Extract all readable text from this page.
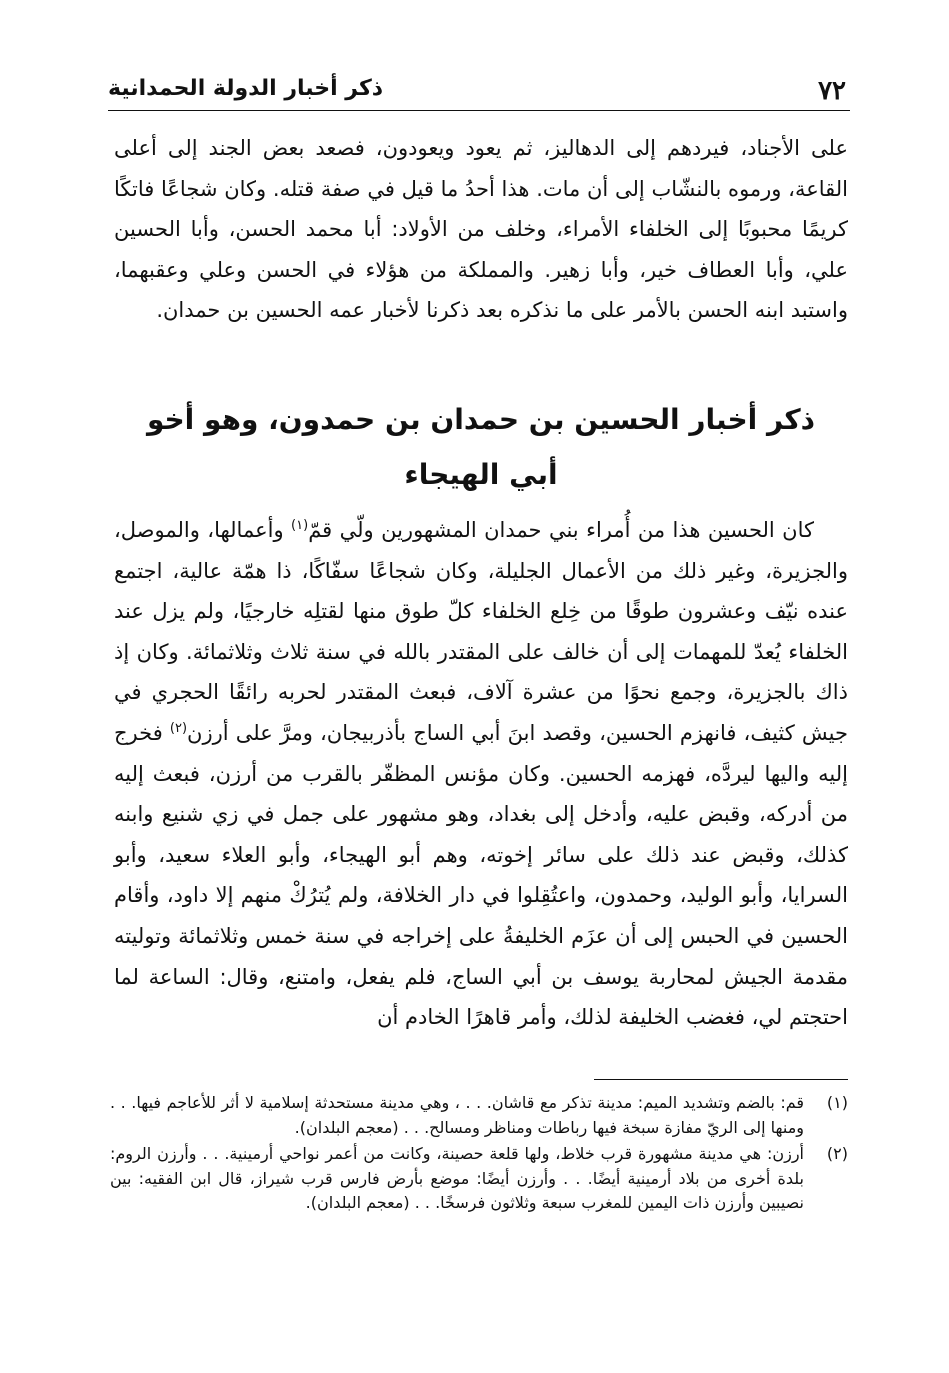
٧٢
ذكر أخبار الدولة الحمدانية

على الأجناد، فيردهم إلى الدهاليز، ثم يعود ويعودون، فصعد بعض الجند إلى أعلى القاعة، ورموه بالنشّاب إلى أن مات. هذا أحدُ ما قيل في صفة قتله. وكان شجاعًا فاتكًا كريمًا محبوبًا إلى الخلفاء الأمراء، وخلف من الأولاد: أبا محمد الحسن، وأبا الحسين علي، وأبا العطاف خير، وأبا زهير. والمملكة من هؤلاء في الحسن وعلي وعقبهما، واستبد ابنه الحسن بالأمر على ما نذكره بعد ذكرنا لأخبار عمه الحسين بن حمدان.

ذكر أخبار الحسين بن حمدان بن حمدون، وهو أخو
أبي الهيجاء

كان الحسين هذا من أُمراء بني حمدان المشهورين ولّي قمّ$^{(١)}$ وأعمالها، والموصل، والجزيرة، وغير ذلك من الأعمال الجليلة، وكان شجاعًا سفّاكًا، ذا همّة عالية، اجتمع عنده نيّف وعشرون طوقًا من خِلع الخلفاء كلّ طوق منها لقتلِه خارجيًا، ولم يزل عند الخلفاء يُعدّ للمهمات إلى أن خالف على المقتدر بالله في سنة ثلاث وثلاثمائة. وكان إذ ذاك بالجزيرة، وجمع نحوًا من عشرة آلاف، فبعث المقتدر لحربه رائقًا الحجري في جيش كثيف، فانهزم الحسين، وقصد ابنَ أبي الساج بأذربيجان، ومرَّ على أرزن$^{(٢)}$ فخرج إليه واليها ليردَّه، فهزمه الحسين. وكان مؤنس المظفّر بالقرب من أرزن، فبعث إليه من أدركه، وقبض عليه، وأدخل إلى بغداد، وهو مشهور على جمل في زي شنيع وابنه كذلك، وقبض عند ذلك على سائر إخوته، وهم أبو الهيجاء، وأبو العلاء سعيد، وأبو السرايا، وأبو الوليد، وحمدون، واعتُقِلوا في دار الخلافة، ولم يُترُكْ منهم إلا داود، وأقام الحسين في الحبس إلى أن عزَم الخليفةُ على إخراجه في سنة خمس وثلاثمائة وتوليته مقدمة الجيش لمحاربة يوسف بن أبي الساج، فلم يفعل، وامتنع، وقال: الساعة لما احتجتم لي، فغضب الخليفة لذلك، وأمر قاهرًا الخادم أن

(١)
قم: بالضم وتشديد الميم: مدينة تذكر مع قاشان. . . ، وهي مدينة مستحدثة إسلامية لا أثر للأعاجم فيها. . . ومنها إلى الريّ مفازة سبخة فيها رباطات ومناظر ومسالح. . . (معجم البلدان).
(٢)
أرزن: هي مدينة مشهورة قرب خلاط، ولها قلعة حصينة، وكانت من أعمر نواحي أرمينية. . . وأرزن الروم: بلدة أخرى من بلاد أرمينية أيضًا. . . وأرزن أيضًا: موضع بأرض فارس قرب شيراز، قال ابن الفقيه: بين نصيبين وأرزن ذات اليمين للمغرب سبعة وثلاثون فرسخًا. . . (معجم البلدان).
